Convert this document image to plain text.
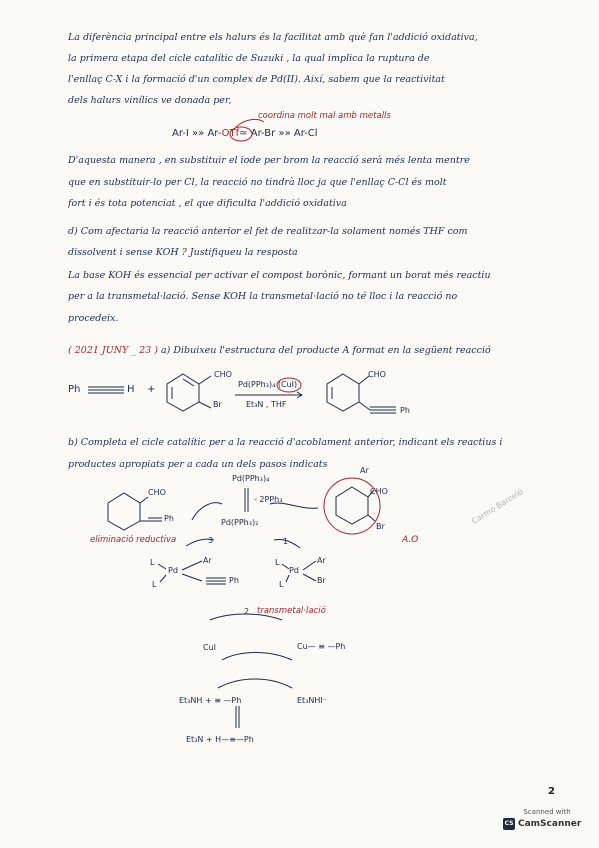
La diferència principal entre els halurs és la facilitat amb què fan l'addició oxidativa,
la primera etapa del cicle catalític de Suzuki , la qual implica la ruptura de
l'enllaç C-X i la formació d'un complex de Pd(II). Així, sabem que la reactivitat
dels halurs vinílics ve donada per,
coordina molt mal amb metalls
Ar-I »» Ar-OTf≃ Ar-Br »» Ar-Cl
D'aquesta manera , en substituir el iode per brom la reacció serà més lenta mentre
que en substituir-lo per Cl, la reacció no tindrà lloc ja que l'enllaç C-Cl és molt
fort i és tota potenciat , el que dificulta l'addició oxidativa
d) Com afectaria la reacció anterior el fet de realitzar-la solament només THF com
dissolvent i sense KOH ? Justifiqueu la resposta
La base KOH és essencial per activar el compost borònic, formant un borat més reactiu
per a la transmetal·lació. Sense KOH la transmetal·lació no té lloc i la reacció no
procedeix.
( 2021 JUNY _ 23 ) a) Dibuixeu l'estructura del producte A format en la següent reacció
Ph	H +
CHO
Br
Pd(PPh₃)₄ (CuI)
Et₃N , THF
CHO
Ph
b) Completa el cicle catalític per a la reacció d'acoblament anterior, indicant els reactius i
productes apropiats per a cada un dels pasos indicats
Pd(PPh₃)₄
- 2PPh₃
Pd(PPh₃)₂
3	1
CHO
Ph
eliminació reductiva
Ar
CHO
Br
A.O
L
Pd
L
Ar
Ph
L
Pd
L
Ar
Br
2 transmetal·lació
CuI	Cu— ≡ —Ph
Et₃NH + ≡ —Ph	Et₃NHI⁻
Et₃N + H—≡—Ph
2
Carmo Barceló
Scanned with
CS CamScanner
